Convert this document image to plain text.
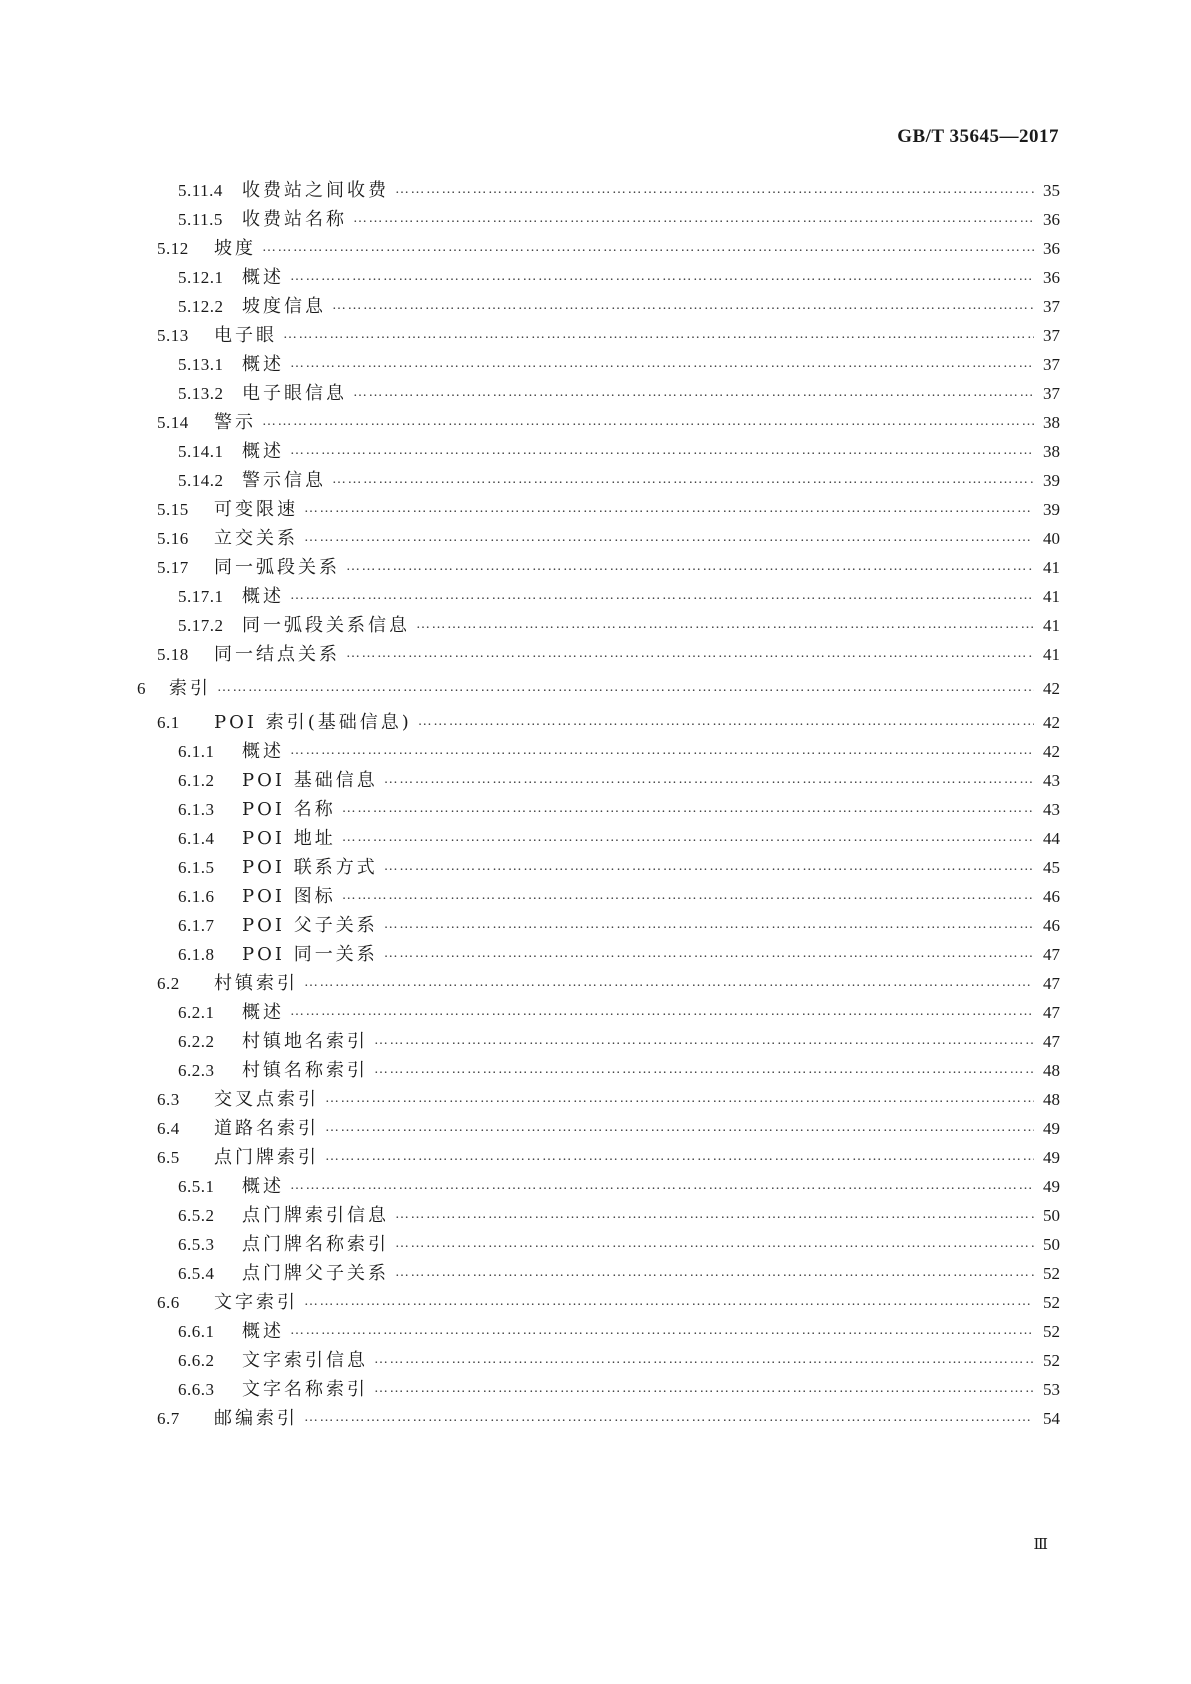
GB/T 35645—2017
5.11.4 收费站之间收费 ………………………………………………………………………………………………………………………………………………………………………………………………………………………………………………………………………	35
5.11.5 收费站名称 ………………………………………………………………………………………………………………………………………………………………………………………………………………………………………………………………………	36
5.12 坡度 ………………………………………………………………………………………………………………………………………………………………………………………………………………………………………………………………………	36
5.12.1 概述 ………………………………………………………………………………………………………………………………………………………………………………………………………………………………………………………………………	36
5.12.2 坡度信息 ………………………………………………………………………………………………………………………………………………………………………………………………………………………………………………………………………	37
5.13 电子眼 ………………………………………………………………………………………………………………………………………………………………………………………………………………………………………………………………………	37
5.13.1 概述 ………………………………………………………………………………………………………………………………………………………………………………………………………………………………………………………………………	37
5.13.2 电子眼信息 ………………………………………………………………………………………………………………………………………………………………………………………………………………………………………………………………………	37
5.14 警示 ………………………………………………………………………………………………………………………………………………………………………………………………………………………………………………………………………	38
5.14.1 概述 ………………………………………………………………………………………………………………………………………………………………………………………………………………………………………………………………………	38
5.14.2 警示信息 ………………………………………………………………………………………………………………………………………………………………………………………………………………………………………………………………………	39
5.15 可变限速 ………………………………………………………………………………………………………………………………………………………………………………………………………………………………………………………………………	39
5.16 立交关系 ………………………………………………………………………………………………………………………………………………………………………………………………………………………………………………………………………	40
5.17 同一弧段关系 ………………………………………………………………………………………………………………………………………………………………………………………………………………………………………………………………………	41
5.17.1 概述 ………………………………………………………………………………………………………………………………………………………………………………………………………………………………………………………………………	41
5.17.2 同一弧段关系信息 ………………………………………………………………………………………………………………………………………………………………………………………………………………………………………………………………………	41
5.18 同一结点关系 ………………………………………………………………………………………………………………………………………………………………………………………………………………………………………………………………………	41
6 索引 ………………………………………………………………………………………………………………………………………………………………………………………………………………………………………………………………………	42
6.1 POI 索引(基础信息) ………………………………………………………………………………………………………………………………………………………………………………………………………………………………………………………………………	42
6.1.1 概述 ………………………………………………………………………………………………………………………………………………………………………………………………………………………………………………………………………	42
6.1.2 POI 基础信息 ………………………………………………………………………………………………………………………………………………………………………………………………………………………………………………………………………	43
6.1.3 POI 名称 ………………………………………………………………………………………………………………………………………………………………………………………………………………………………………………………………………	43
6.1.4 POI 地址 ………………………………………………………………………………………………………………………………………………………………………………………………………………………………………………………………………	44
6.1.5 POI 联系方式 ………………………………………………………………………………………………………………………………………………………………………………………………………………………………………………………………………	45
6.1.6 POI 图标 ………………………………………………………………………………………………………………………………………………………………………………………………………………………………………………………………………	46
6.1.7 POI 父子关系 ………………………………………………………………………………………………………………………………………………………………………………………………………………………………………………………………………	46
6.1.8 POI 同一关系 ………………………………………………………………………………………………………………………………………………………………………………………………………………………………………………………………………	47
6.2 村镇索引 ………………………………………………………………………………………………………………………………………………………………………………………………………………………………………………………………………	47
6.2.1 概述 ………………………………………………………………………………………………………………………………………………………………………………………………………………………………………………………………………	47
6.2.2 村镇地名索引 ………………………………………………………………………………………………………………………………………………………………………………………………………………………………………………………………………	47
6.2.3 村镇名称索引 ………………………………………………………………………………………………………………………………………………………………………………………………………………………………………………………………………	48
6.3 交叉点索引 ………………………………………………………………………………………………………………………………………………………………………………………………………………………………………………………………………	48
6.4 道路名索引 ………………………………………………………………………………………………………………………………………………………………………………………………………………………………………………………………………	49
6.5 点门牌索引 ………………………………………………………………………………………………………………………………………………………………………………………………………………………………………………………………………	49
6.5.1 概述 ………………………………………………………………………………………………………………………………………………………………………………………………………………………………………………………………………	49
6.5.2 点门牌索引信息 ………………………………………………………………………………………………………………………………………………………………………………………………………………………………………………………………………	50
6.5.3 点门牌名称索引 ………………………………………………………………………………………………………………………………………………………………………………………………………………………………………………………………………	50
6.5.4 点门牌父子关系 ………………………………………………………………………………………………………………………………………………………………………………………………………………………………………………………………………	52
6.6 文字索引 ………………………………………………………………………………………………………………………………………………………………………………………………………………………………………………………………………	52
6.6.1 概述 ………………………………………………………………………………………………………………………………………………………………………………………………………………………………………………………………………	52
6.6.2 文字索引信息 ………………………………………………………………………………………………………………………………………………………………………………………………………………………………………………………………………	52
6.6.3 文字名称索引 ………………………………………………………………………………………………………………………………………………………………………………………………………………………………………………………………………	53
6.7 邮编索引 ………………………………………………………………………………………………………………………………………………………………………………………………………………………………………………………………………	54
Ⅲ
